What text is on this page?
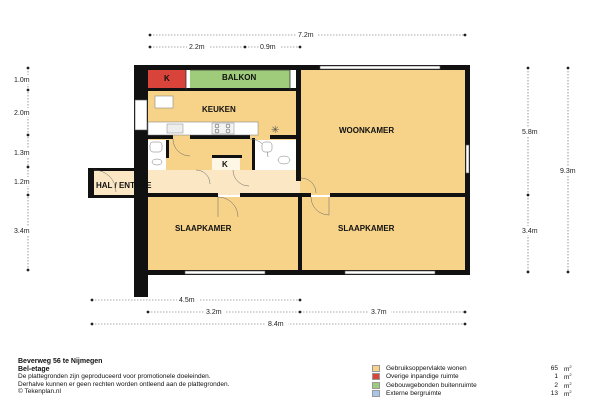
7.2m
2.2m	0.9m
1.0m
2.0m
1.3m
1.2m
3.4m
5.8m
9.3m
3.4m
4.5m
3.2m	3.7m
8.4m
✳
BALKON
K
KEUKEN
WOONKAMER
K
HAL / ENTREE
SLAAPKAMER	SLAAPKAMER
Beverweg 56 te Nijmegen
Bel-etage
De plattegronden zijn geproduceerd voor promotionele doeleinden.
Derhalve kunnen er geen rechten worden ontleend aan de plattegronden.
© Tekenplan.nl
Gebruiksoppervlakte wonen	65 $m^2$
Overige inpandige ruimte	1 $m^2$
Gebouwgebonden buitenruimte	2 $m^2$
Externe bergruimte	13 $m^2$
